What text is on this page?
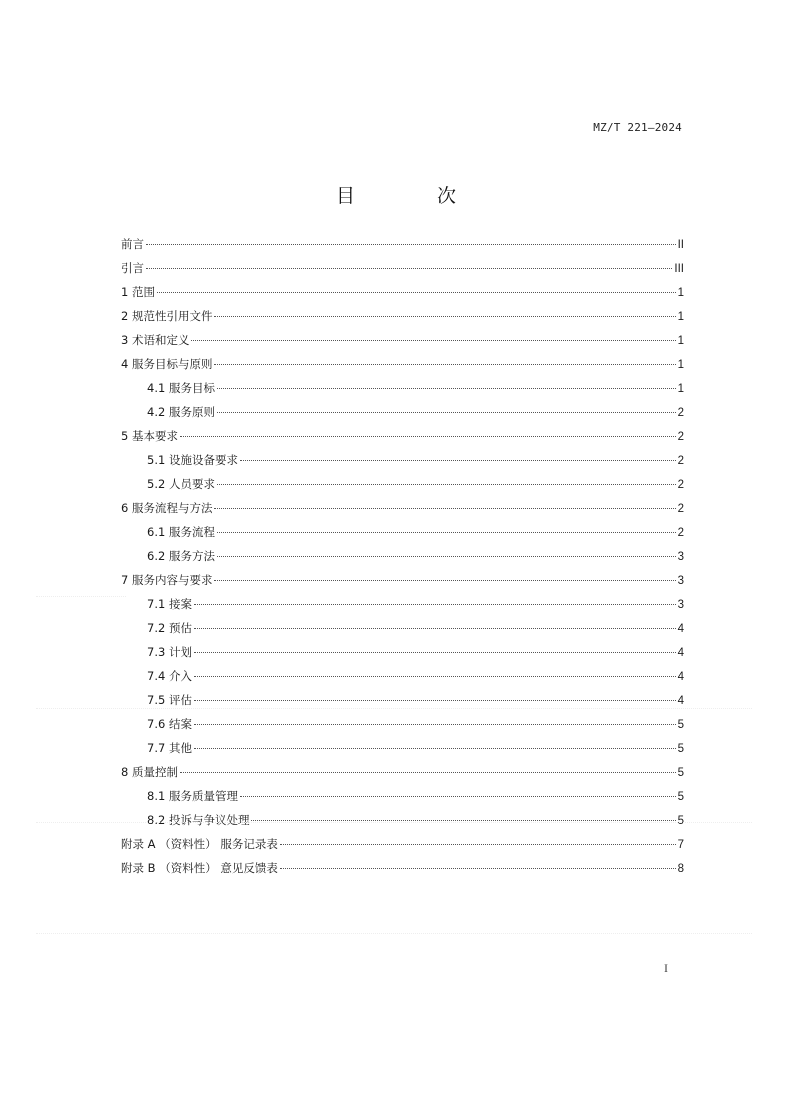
MZ/T 221—2024
目 次
前言	II
引言	III
1 范围	1
2 规范性引用文件	1
3 术语和定义	1
4 服务目标与原则	1
4.1 服务目标	1
4.2 服务原则	2
5 基本要求	2
5.1 设施设备要求	2
5.2 人员要求	2
6 服务流程与方法	2
6.1 服务流程	2
6.2 服务方法	3
7 服务内容与要求	3
7.1 接案	3
7.2 预估	4
7.3 计划	4
7.4 介入	4
7.5 评估	4
7.6 结案	5
7.7 其他	5
8 质量控制	5
8.1 服务质量管理	5
8.2 投诉与争议处理	5
附录 A （资料性） 服务记录表	7
附录 B （资料性） 意见反馈表	8
I
